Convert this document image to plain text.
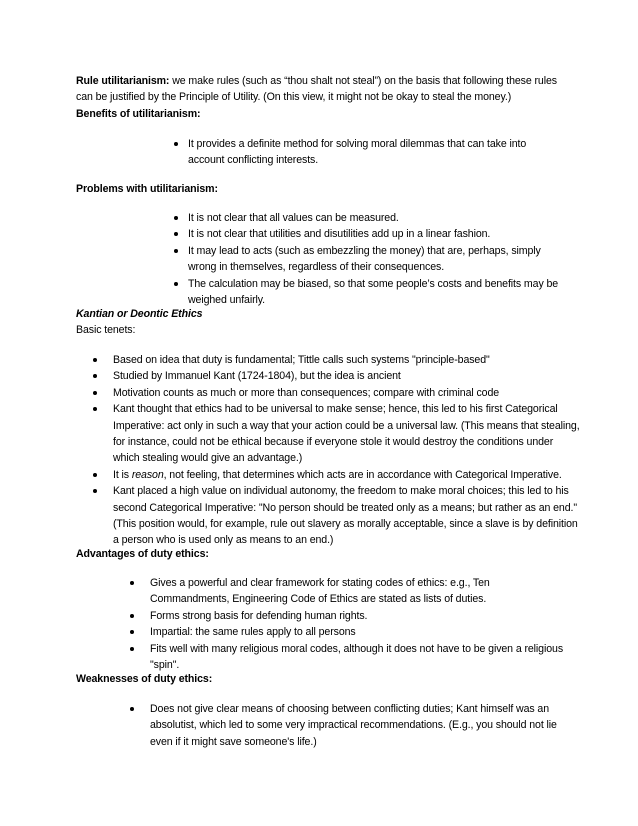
Rule utilitarianism: we make rules (such as “thou shalt not steal”) on the basis that following these rules can be justified by the Principle of Utility. (On this view, it might not be okay to steal the money.)

Benefits of utilitarianism:
It provides a definite method for solving moral dilemmas that can take into account conflicting interests.
Problems with utilitarianism:
It is not clear that all values can be measured.
It is not clear that utilities and disutilities add up in a linear fashion.
It may lead to acts (such as embezzling the money) that are, perhaps, simply wrong in themselves, regardless of their consequences.
The calculation may be biased, so that some people’s costs and benefits may be weighed unfairly.
Kantian or Deontic Ethics
Basic tenets:
Based on idea that duty is fundamental; Tittle calls such systems "principle-based"
Studied by Immanuel Kant (1724-1804), but the idea is ancient
Motivation counts as much or more than consequences; compare with criminal code
Kant thought that ethics had to be universal to make sense; hence, this led to his first Categorical Imperative: act only in such a way that your action could be a universal law. (This means that stealing, for instance, could not be ethical because if everyone stole it would destroy the conditions under which stealing would give an advantage.)
It is reason, not feeling, that determines which acts are in accordance with Categorical Imperative.
Kant placed a high value on individual autonomy, the freedom to make moral choices; this led to his second Categorical Imperative: "No person should be treated only as a means; but rather as an end." (This position would, for example, rule out slavery as morally acceptable, since a slave is by definition a person who is used only as means to an end.)
Advantages of duty ethics:
Gives a powerful and clear framework for stating codes of ethics: e.g., Ten Commandments, Engineering Code of Ethics are stated as lists of duties.
Forms strong basis for defending human rights.
Impartial: the same rules apply to all persons
Fits well with many religious moral codes, although it does not have to be given a religious "spin".
Weaknesses of duty ethics:
Does not give clear means of choosing between conflicting duties; Kant himself was an absolutist, which led to some very impractical recommendations. (E.g., you should not lie even if it might save someone's life.)
